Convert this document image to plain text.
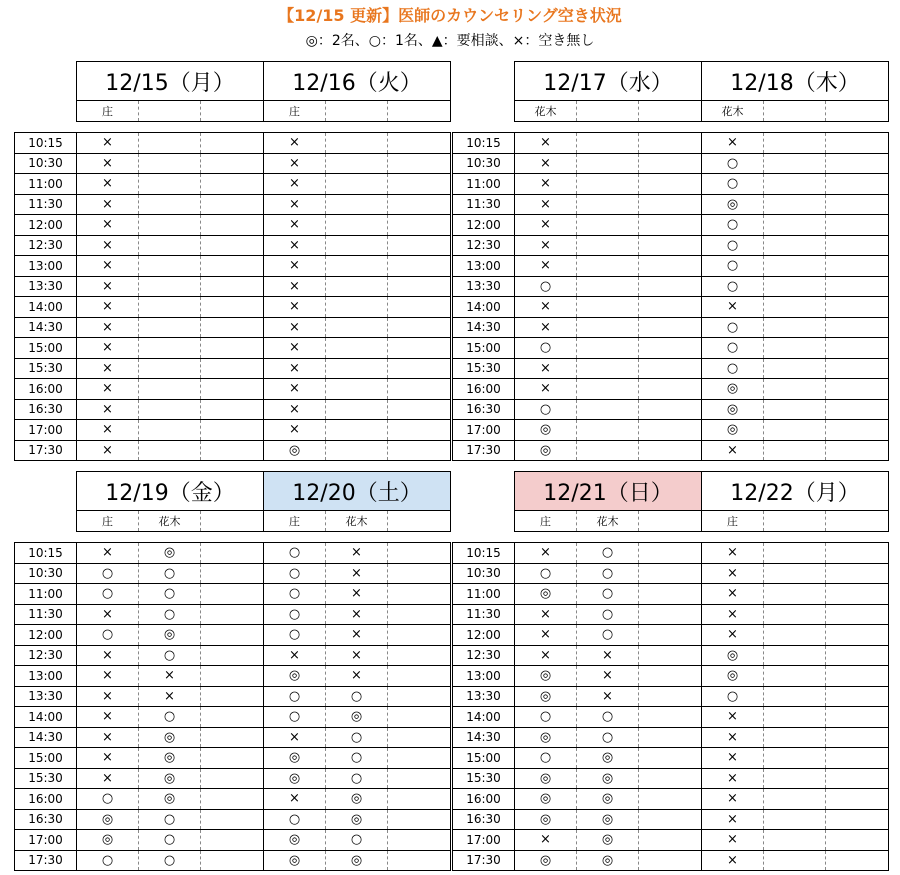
【12/15 更新】医師のカウンセリング空き状況
◎：2名、○：1名、▲：要相談、×：空き無し
	12/15（月）			12/16（火）		
	庄			庄		

10:15	×			×		
10:30	×			×		
11:00	×			×		
11:30	×			×		
12:00	×			×		
12:30	×			×		
13:00	×			×		
13:30	×			×		
14:00	×			×		
14:30	×			×		
15:00	×			×		
15:30	×			×		
16:00	×			×		
16:30	×			×		
17:00	×			×		
17:30	×			◎		
	12/17（水）			12/18（木）		
	花木			花木		

10:15	×			×		
10:30	×			○		
11:00	×			○		
11:30	×			◎		
12:00	×			○		
12:30	×			○		
13:00	×			○		
13:30	○			○		
14:00	×			×		
14:30	×			○		
15:00	○			○		
15:30	×			○		
16:00	×			◎		
16:30	○			◎		
17:00	◎			◎		
17:30	◎			×		
	12/19（金）			12/20（土）		
	庄	花木		庄	花木	

10:15	×	◎		○	×	
10:30	○	○		○	×	
11:00	○	○		○	×	
11:30	×	○		○	×	
12:00	○	◎		○	×	
12:30	×	○		×	×	
13:00	×	×		◎	×	
13:30	×	×		○	○	
14:00	×	○		○	◎	
14:30	×	◎		×	○	
15:00	×	◎		◎	○	
15:30	×	◎		◎	○	
16:00	○	◎		×	◎	
16:30	◎	○		○	◎	
17:00	◎	○		◎	○	
17:30	○	○		◎	◎	
	12/21（日）			12/22（月）		
	庄	花木		庄		

10:15	×	○		×		
10:30	○	○		×		
11:00	◎	○		×		
11:30	×	○		×		
12:00	×	○		×		
12:30	×	×		◎		
13:00	◎	×		◎		
13:30	◎	×		○		
14:00	○	○		×		
14:30	◎	○		×		
15:00	○	◎		×		
15:30	◎	◎		×		
16:00	◎	◎		×		
16:30	◎	◎		×		
17:00	×	◎		×		
17:30	◎	◎		×		
